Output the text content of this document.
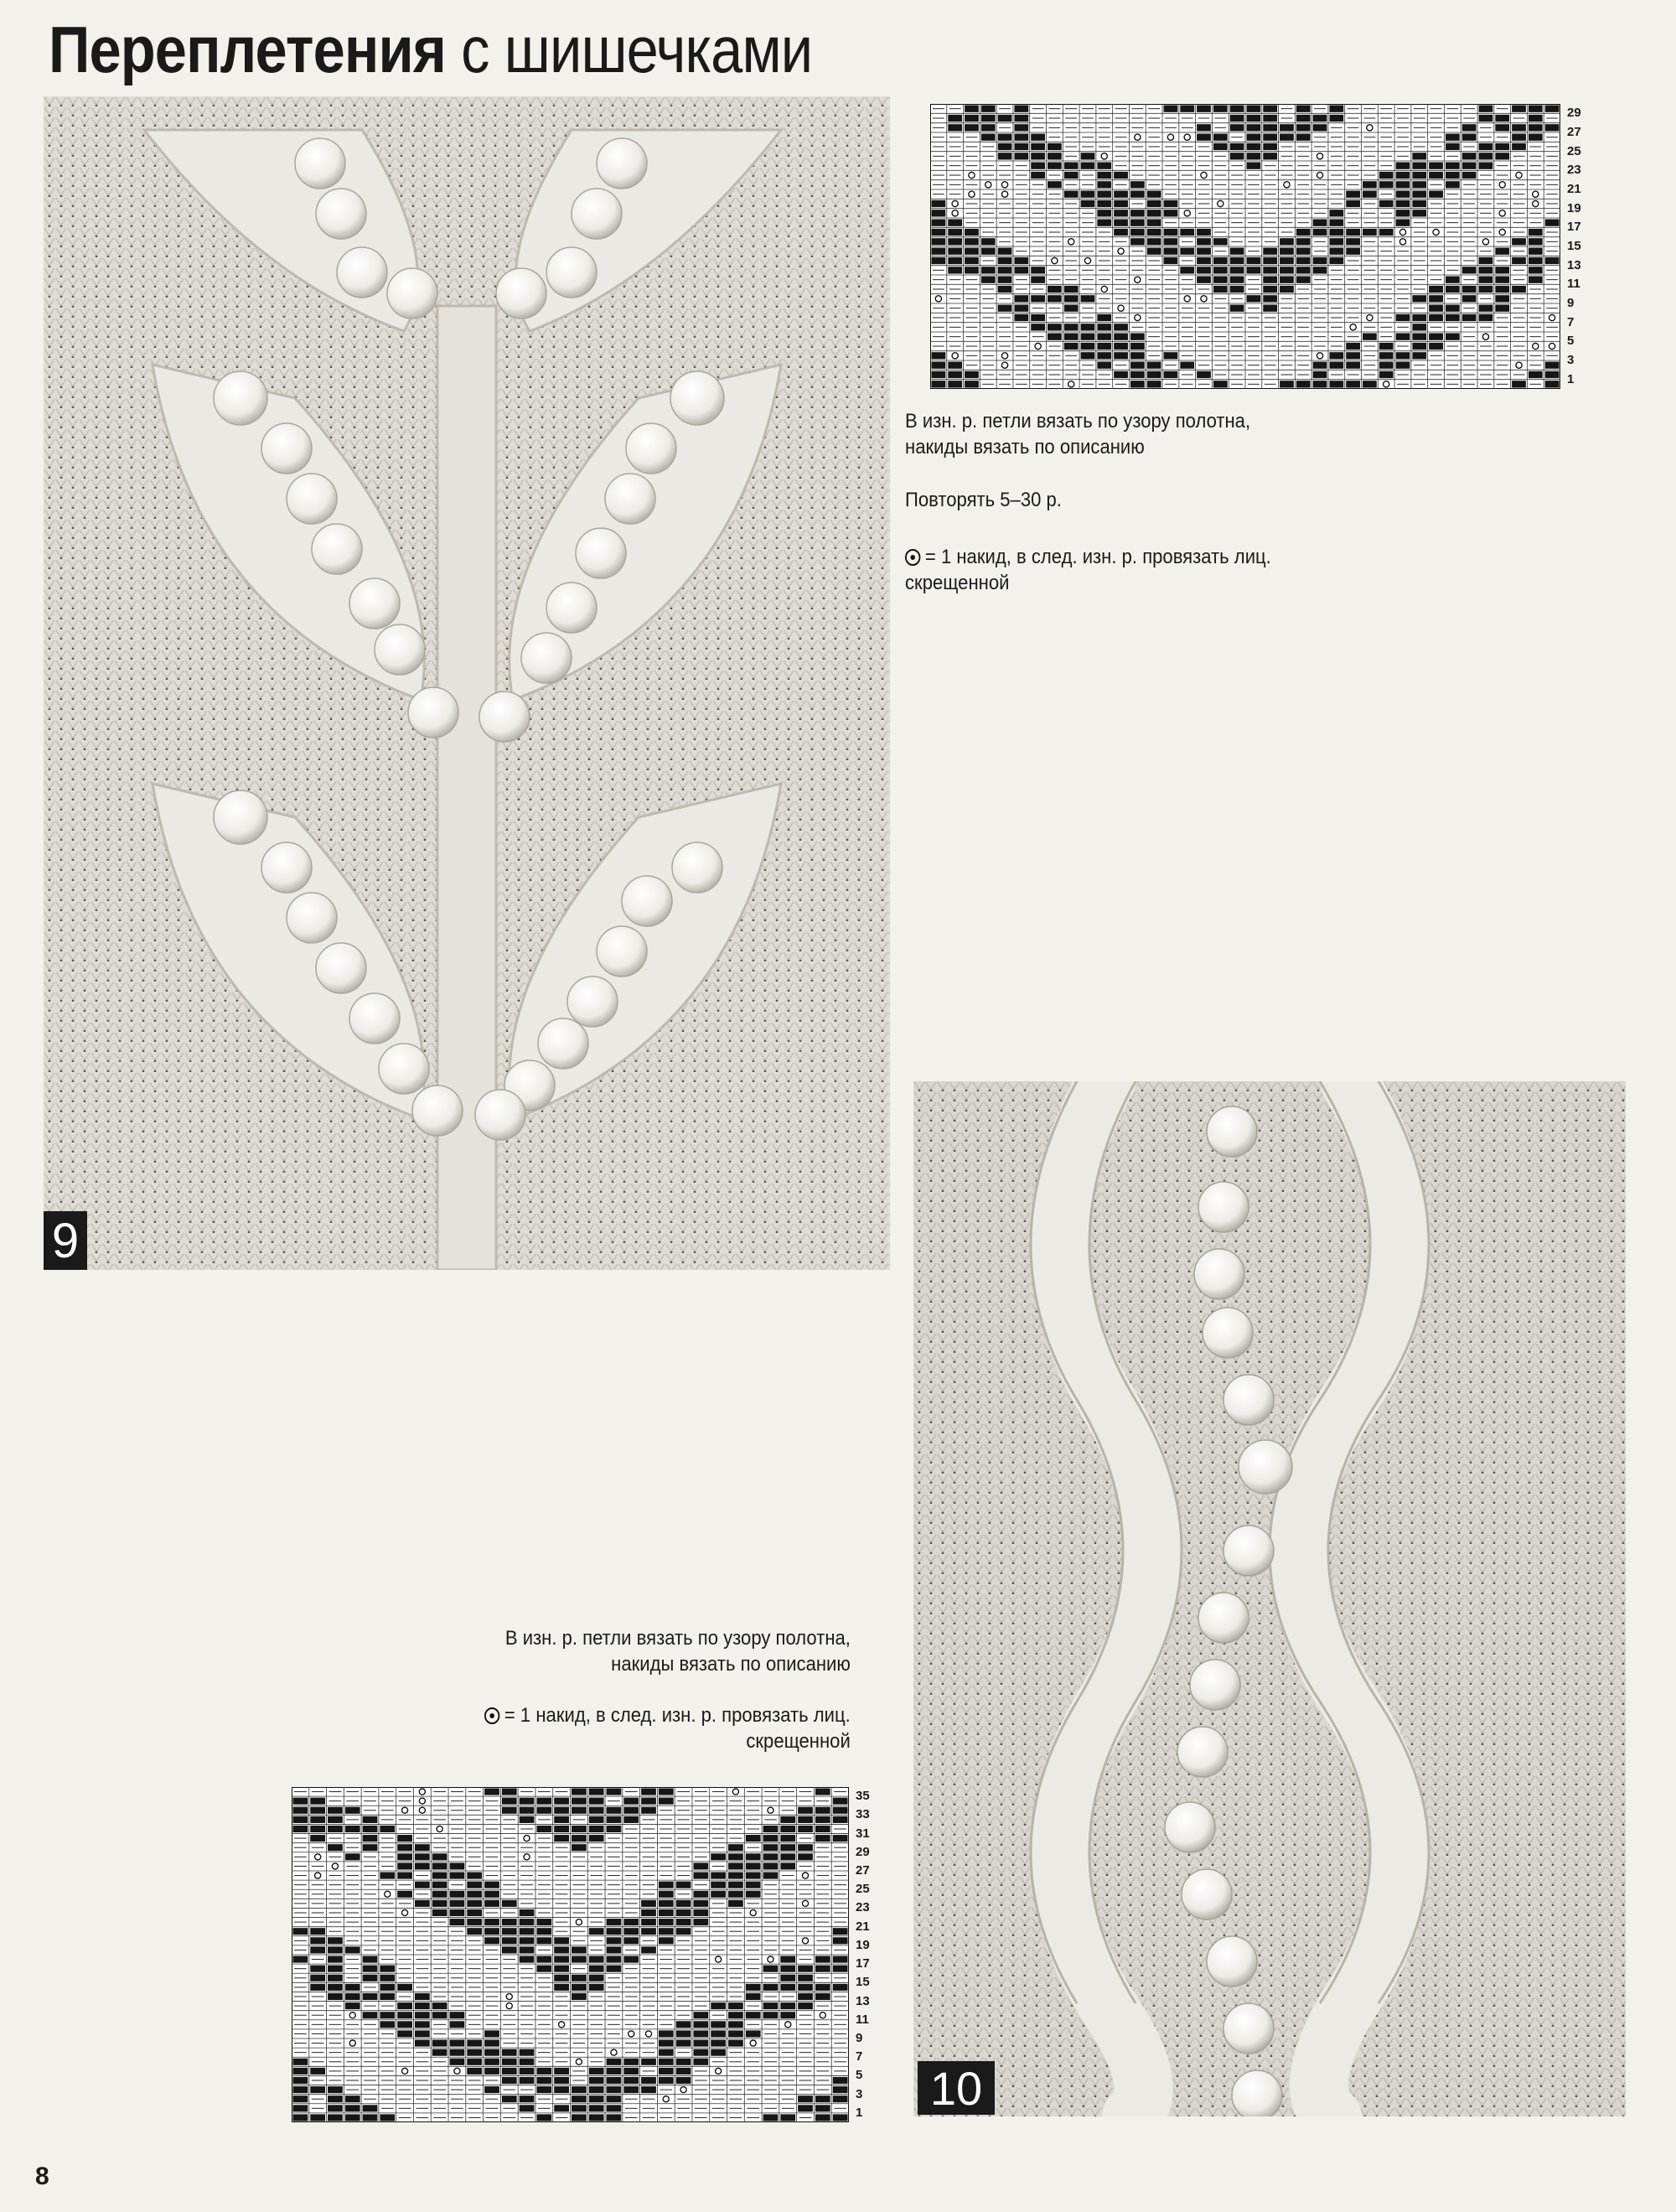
Переплетения с шишечками
9
29
27
25
23
21
19
17
15
13
11
9
7
5
3
1

В изн. р. петли вязать по узору полотна,
накиды вязать по описанию

Повторять 5–30 р.

= 1 накид, в след. изн. р. провязать лиц.
скрещенной

10

В изн. р. петли вязать по узору полотна,
накиды вязать по описанию

= 1 накид, в след. изн. р. провязать лиц.
скрещенной

35
33
31
29
27
25
23
21
19
17
15
13
11
9
7
5
3
1
8
